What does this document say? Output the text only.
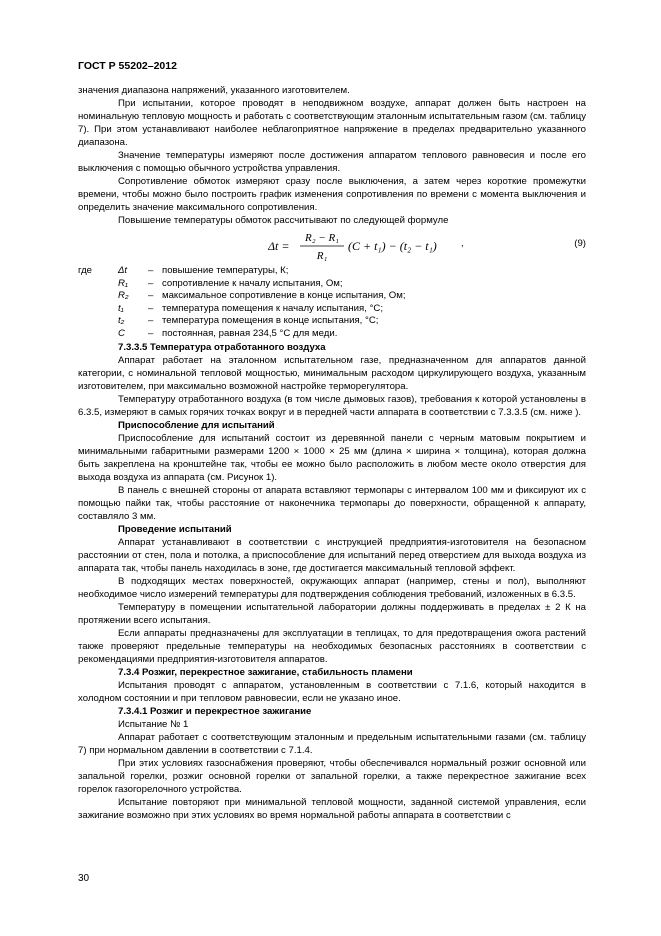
ГОСТ Р 55202–2012

значения диапазона напряжений, указанного изготовителем.

При испытании, которое проводят в неподвижном воздухе, аппарат должен быть настроен на номинальную тепловую мощность и работать с соответствующим эталонным испытательным газом (см. таблицу 7). При этом устанавливают наиболее неблагоприятное напряжение в пределах предварительно указанного диапазона.

Значение температуры измеряют после достижения аппаратом теплового равновесия и после его выключения с помощью обычного устройства управления.

Сопротивление обмоток измеряют сразу после выключения, а затем через короткие промежутки времени, чтобы можно было построить график изменения сопротивления по времени с момента выключения и определить значение максимального сопротивления.

Повышение температуры обмоток рассчитывают по следующей формуле

Δt =
R₂ − R₁
R₁
(C + t₁) − (t₂ − t₁)	,	(9)
где	Δt	– повышение температуры, К;
R₁	– сопротивление к началу испытания, Ом;
R₂	– максимальное сопротивление в конце испытания, Ом;
t₁	– температура помещения к началу испытания, °С;
t₂	– температура помещения в конце испытания, °С;
C	– постоянная, равная 234,5 °С для меди.

7.3.3.5 Температура отработанного воздуха

Аппарат работает на эталонном испытательном газе, предназначенном для аппаратов данной категории, с номинальной тепловой мощностью, минимальным расходом циркулирующего воздуха, указанным изготовителем, при максимально возможной настройке терморегулятора.

Температуру отработанного воздуха (в том числе дымовых газов), требования к которой установлены в 6.3.5, измеряют в самых горячих точках вокруг и в передней части аппарата в соответствии с 7.3.3.5 (см. ниже ).

Приспособление для испытаний

Приспособление для испытаний состоит из деревянной панели с черным матовым покрытием и минимальными габаритными размерами 1200 × 1000 × 25 мм (длина × ширина × толщина), которая должна быть закреплена на кронштейне так, чтобы ее можно было расположить в любом месте около отверстия для выхода воздуха из аппарата (см. Рисунок 1).

В панель с внешней стороны от апарата вставляют термопары с интервалом 100 мм и фиксируют их с помощью пайки так, чтобы расстояние от наконечника термопары до поверхности, обращенной к аппарату, составляло 3 мм.

Проведение испытаний

Аппарат устанавливают в соответствии с инструкцией предприятия-изготовителя на безопасном расстоянии от стен, пола и потолка, а приспособление для испытаний перед отверстием для выхода воздуха из аппарата так, чтобы панель находилась в зоне, где достигается максимальный тепловой эффект.

В подходящих местах поверхностей, окружающих аппарат (например, стены и пол), выполняют необходимое число измерений температуры для подтверждения соблюдения требований, изложенных в 6.3.5.

Температуру в помещении испытательной лаборатории должны поддерживать в пределах ± 2 К на протяжении всего испытания.

Если аппараты предназначены для эксплуатации в теплицах, то для предотвращения ожога растений также проверяют предельные температуры на необходимых безопасных расстояниях в соответствии с рекомендациями предприятия-изготовителя аппаратов.

7.3.4 Розжиг, перекрестное зажигание, стабильность пламени

Испытания проводят с аппаратом, установленным в соответствии с 7.1.6, который находится в холодном состоянии и при тепловом равновесии, если не указано иное.

7.3.4.1 Розжиг и перекрестное зажигание

Испытание № 1

Аппарат работает с соответствующим эталонным и предельным испытательными газами (см. таблицу 7) при нормальном давлении в соответствии с 7.1.4.

При этих условиях газоснабжения проверяют, чтобы обеспечивался нормальный розжиг основной или запальной горелки, розжиг основной горелки от запальной горелки, а также перекрестное зажигание всех горелок газогорелочного устройства.

Испытание повторяют при минимальной тепловой мощности, заданной системой управления, если зажигание возможно при этих условиях во время нормальной работы аппарата в соответствии с

30
